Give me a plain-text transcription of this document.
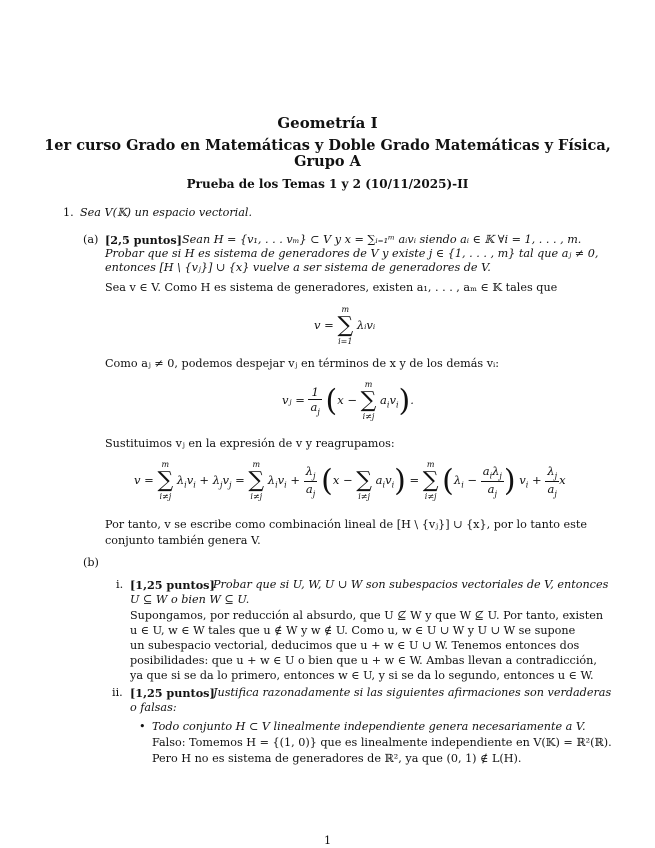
Geometría I
1er curso Grado en Matemáticas y Doble Grado Matemáticas y Física,
Grupo A
Prueba de los Temas 1 y 2 (10/11/2025)-II
1. Sea V(𝕂) un espacio vectorial.
(a) [2,5 puntos] Sean H = {v₁, . . . vₘ} ⊂ V y x = ∑ᵢ₌₁ᵐ aᵢvᵢ siendo aᵢ ∈ 𝕂 ∀i = 1, . . . , m.
Probar que si H es sistema de generadores de V y existe j ∈ {1, . . . , m} tal que aⱼ ≠ 0,
entonces [H \ {vⱼ}] ∪ {x} vuelve a ser sistema de generadores de V.
Sea v ∈ V. Como H es sistema de generadores, existen a₁, . . . , aₘ ∈ 𝕂 tales que
v =
m
∑
i=1
λᵢvᵢ
Como aⱼ ≠ 0, podemos despejar vⱼ en términos de x y de los demás vᵢ:
vⱼ = $\frac{1}{a_j} (x$ −
m
∑
i≠j
$a_iv_i$).
Sustituimos vⱼ en la expresión de v y reagrupamos:
v =
m
∑
i≠j
$\lambda_iv_i + \lambda_jv_j$ =
m
∑
i≠j
$\lambda_iv_i + \frac{\lambda_j}{a_j} (x$ −
∑
i≠j
$a_iv_i$) =
m
∑
i≠j ($\lambda_i - \frac{a_i\lambda_j}{a_j}$ ) $v_i + \frac{\lambda_j}{a_j}$ x
Por tanto, v se escribe como combinación lineal de [H \ {vⱼ}] ∪ {x}, por lo tanto este
conjunto también genera V.
(b)
i. [1,25 puntos]
Probar que si U, W, U ∪ W son subespacios vectoriales de V, entonces
U ⊆ W o bien W ⊆ U.
Supongamos, por reducción al absurdo, que U ⊈ W y que W ⊈ U. Por tanto, existen
u ∈ U, w ∈ W tales que u ∉ W y w ∉ U. Como u, w ∈ U ∪ W y U ∪ W se supone
un subespacio vectorial, deducimos que u + w ∈ U ∪ W. Tenemos entonces dos
posibilidades: que u + w ∈ U o bien que u + w ∈ W. Ambas llevan a contradicción,
ya que si se da lo primero, entonces w ∈ U, y si se da lo segundo, entonces u ∈ W.
ii. [1,25 puntos]
Justifica razonadamente si las siguientes afirmaciones son verdaderas
o falsas:
• Todo conjunto H ⊂ V linealmente independiente genera necesariamente a V.
Falso: Tomemos H = {(1, 0)} que es linealmente independiente en V(𝕂) = ℝ²(ℝ).
Pero H no es sistema de generadores de ℝ², ya que (0, 1) ∉ L(H).
1
